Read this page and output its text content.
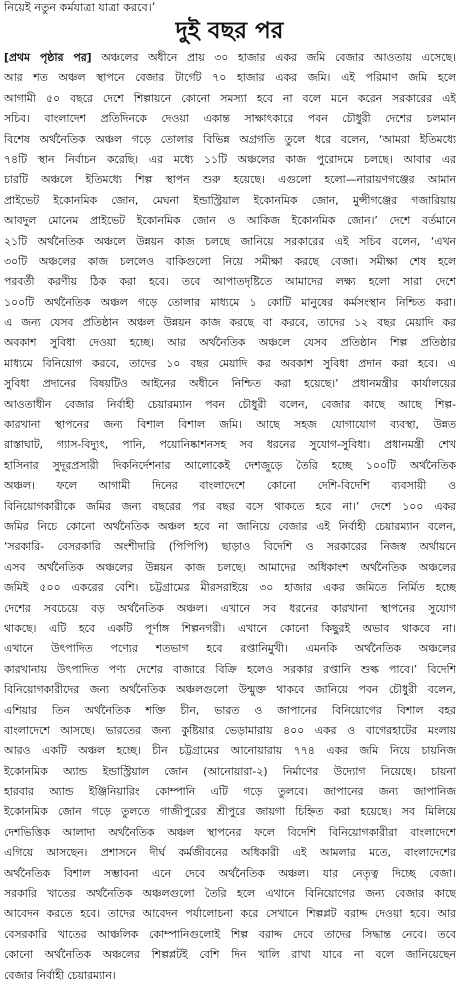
নিয়েই নতুন কর্মযাত্রা যাত্রা করবে।’
দুই বছর পর
[প্রথম পৃষ্ঠার পর] অঞ্চলের অধীনে প্রায় ৩০ হাজার একর জমি বেজার আওতায় এসেছে।
আর শত অঞ্চল স্থাপনে বেজার টার্গেট ৭০ হাজার একর জমি। এই পরিমাণ জমি হলে
আগামী ৫০ বছরে দেশে শিল্পায়নে কোনো সমস্যা হবে না বলে মনে করেন সরকারের এই
সচিব। বাংলাদেশ প্রতিদিনকে দেওয়া একান্ত সাক্ষাৎকারে পবন চৌধুরী দেশের চলমান
বিশেষ অর্থনৈতিক অঞ্চল গড়ে তোলার বিভিন্ন অগ্রগতি তুলে ধরে বলেন, ‘আমরা ইতিমধ্যে
৭৪টি স্থান নির্বাচন করেছি। এর মধ্যে ১১টি অঞ্চলের কাজ পুরোদমে চলছে। আবার এর
চারটি অঞ্চলে ইতিমধ্যে শিল্প স্থাপন শুরু হয়েছে। এগুলো হলো—নারায়ণগঞ্জের আমান
প্রাইভেট ইকোনমিক জোন, মেঘনা ইন্ডাস্ট্রিয়াল ইকোনমিক জোন, মুন্সীগঞ্জের গজারিয়ায়
আবদুল মোনেম প্রাইভেট ইকোনমিক জোন ও আকিজ ইকোনমিক জোন।’ দেশে বর্তমানে
২১টি অর্থনৈতিক অঞ্চলে উন্নয়ন কাজ চলছে জানিয়ে সরকারের এই সচিব বলেন, ‘এখন
৩০টি অঞ্চলের কাজ চললেও বাকিগুলো নিয়ে সমীক্ষা করছে বেজা। সমীক্ষা শেষ হলে
পরবর্তী করণীয় ঠিক করা হবে। তবে আপাতদৃষ্টিতে আমাদের লক্ষ্য হলো সারা দেশে
১০০টি অর্থনৈতিক অঞ্চল গড়ে তোলার মাধ্যমে ১ কোটি মানুষের কর্মসংস্থান নিশ্চিত করা।
এ জন্য যেসব প্রতিষ্ঠান অঞ্চল উন্নয়ন কাজ করছে বা করবে, তাদের ১২ বছর মেয়াদি কর
অবকাশ সুবিধা দেওয়া হচ্ছে। আর অর্থনৈতিক অঞ্চলে যেসব প্রতিষ্ঠান শিল্প প্রতিষ্ঠার
মাধ্যমে বিনিয়োগ করবে, তাদের ১০ বছর মেয়াদি কর অবকাশ সুবিধা প্রদান করা হবে। এ
সুবিধা প্রদানের বিষয়টিও আইনের অধীনে নিশ্চিত করা হয়েছে।’ প্রধানমন্ত্রীর কার্যালয়ের
আওতাধীন বেজার নির্বাহী চেয়ারম্যান পবন চৌধুরী বলেন, বেজার কাছে আছে শিল্প-
কারখানা স্থাপনের জন্য বিশাল বিশাল জমি। আছে সহজ যোগাযোগ ব্যবস্থা, উন্নত
রাস্তাঘাট, গ্যাস-বিদ্যুৎ, পানি, পয়োনিষ্কাশনসহ সব ধরনের সুযোগ-সুবিধা। প্রধানমন্ত্রী শেখ
হাসিনার সুদূরপ্রসারী দিকনির্দেশনার আলোকেই দেশজুড়ে তৈরি হচ্ছে ১০০টি অর্থনৈতিক
অঞ্চল। ফলে আগামী দিনের বাংলাদেশে কোনো দেশি-বিদেশি ব্যবসায়ী ও
বিনিয়োগকারীকে জমির জন্য বছরের পর বছর বসে থাকতে হবে না।’ দেশে ১০০ একর
জমির নিচে কোনো অর্থনৈতিক অঞ্চল হবে না জানিয়ে বেজার এই নির্বাহী চেয়ারম্যান বলেন,
‘সরকারি- বেসরকারি অংশীদারি (পিপিপি) ছাড়াও বিদেশি ও সরকারের নিজস্ব অর্থায়নে
এসব অর্থনৈতিক অঞ্চলের উন্নয়ন কাজ চলছে। আমাদের অধিকাংশ অর্থনৈতিক অঞ্চলের
জমিই ৫০০ একরের বেশি। চট্টগ্রামের মীরসরাইয়ে ৩০ হাজার একর জমিতে নির্মিত হচ্ছে
দেশের সবচেয়ে বড় অর্থনৈতিক অঞ্চল। এখানে সব ধরনের কারখানা স্থাপনের সুযোগ
থাকছে। এটি হবে একটি পূর্ণাঙ্গ শিল্পনগরী। এখানে কোনো কিছুরই অভাব থাকবে না।
এখানে উৎপাদিত পণ্যের শতভাগ হবে রপ্তানিমুখী। এমনকি অর্থনৈতিক অঞ্চলের
কারখানায় উৎপাদিত পণ্য দেশের বাজারে বিক্রি হলেও সরকার রপ্তানি শুল্ক পাবে।’ বিদেশি
বিনিয়োগকারীদের জন্য অর্থনৈতিক অঞ্চলগুলো উন্মুক্ত থাকবে জানিয়ে পবন চৌধুরী বলেন,
এশিয়ার তিন অর্থনৈতিক শক্তি চীন, ভারত ও জাপানের বিনিয়োগের বিশাল বহর
বাংলাদেশে আসছে। ভারতের জন্য কুষ্টিয়ার ভেড়ামারায় ৪০০ একর ও বাগেরহাটের মংলায়
আরও একটি অঞ্চল হচ্ছে। চীন চট্টগ্রামের আনোয়ারায় ৭৭৪ একর জমি নিয়ে চায়নিজ
ইকোনমিক অ্যান্ড ইন্ডাস্ট্রিয়াল জোন (আনোয়ারা-২) নির্মাণের উদ্যোগ নিয়েছে। চায়না
হারবার অ্যান্ড ইঞ্জিনিয়ারিং কোম্পানি এটি গড়ে তুলবে। জাপানের জন্য জাপানিজ
ইকোনমিক জোন গড়ে তুলতে গাজীপুরের শ্রীপুরে জায়গা চিহ্নিত করা হয়েছে। সব মিলিয়ে
দেশভিত্তিক আলাদা অর্থনৈতিক অঞ্চল স্থাপনের ফলে বিদেশি বিনিয়োগকারীরা বাংলাদেশে
এগিয়ে আসছেন। প্রশাসনে দীর্ঘ কর্মজীবনের অধিকারী এই আমলার মতে, বাংলাদেশের
অর্থনৈতিক বিশাল সম্ভাবনা এনে দেবে অর্থনৈতিক অঞ্চল। যার নেতৃত্ব দিচ্ছে বেজা।
সরকারি খাতের অর্থনৈতিক অঞ্চলগুলো তৈরি হলে এখানে বিনিয়োগের জন্য বেজার কাছে
আবেদন করতে হবে। তাদের আবেদন পর্যালোচনা করে সেখানে শিল্পপ্লট বরাদ্দ দেওয়া হবে। আর
বেসরকারি খাতের আঞ্চলিক কোম্পানিগুলোই শিল্প বরাদ্দ দেবে তাদের সিদ্ধান্ত নেবে। তবে
কোনো অর্থনৈতিক অঞ্চলের শিল্পপ্লটই বেশি দিন খালি রাখা যাবে না বলে জানিয়েছেন
বেজার নির্বাহী চেয়ারম্যান।
